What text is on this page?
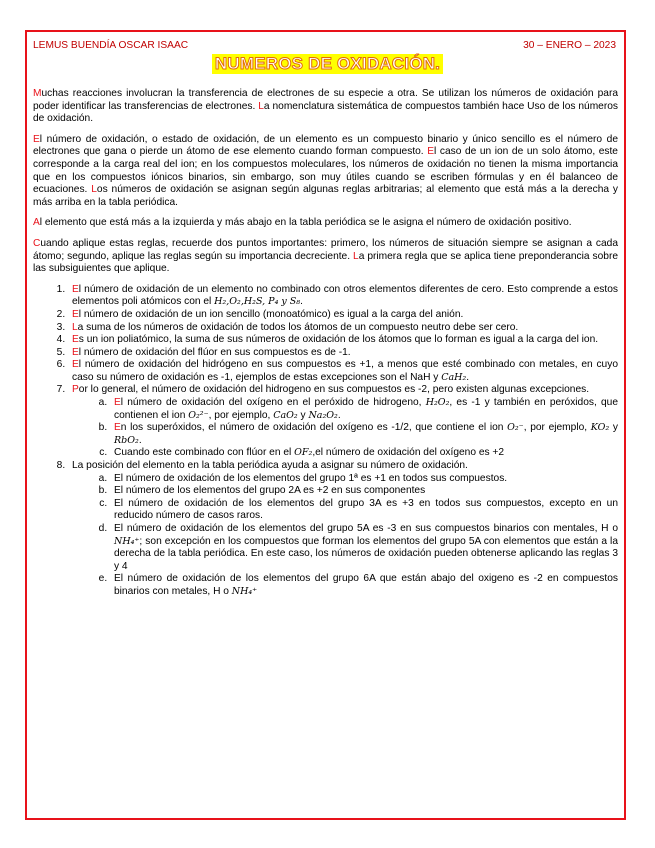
LEMUS BUENDÍA OSCAR ISAAC	30 – ENERO – 2023
NUMEROS DE OXIDACIÓN.

Muchas reacciones involucran la transferencia de electrones de su especie a otra. Se utilizan los números de oxidación para poder identificar las transferencias de electrones. La nomenclatura sistemática de compuestos también hace Uso de los números de oxidación.

El número de oxidación, o estado de oxidación, de un elemento es un compuesto binario y único sencillo es el número de electrones que gana o pierde un átomo de ese elemento cuando forman compuesto. El caso de un ion de un solo átomo, este corresponde a la carga real del ion; en los compuestos moleculares, los números de oxidación no tienen la misma importancia que en los compuestos iónicos binarios, sin embargo, son muy útiles cuando se escriben fórmulas y en él balanceo de ecuaciones. Los números de oxidación se asignan según algunas reglas arbitrarias; al elemento que está más a la derecha y más arriba en la tabla periódica.

Al elemento que está más a la izquierda y más abajo en la tabla periódica se le asigna el número de oxidación positivo.

Cuando aplique estas reglas, recuerde dos puntos importantes: primero, los números de situación siempre se asignan a cada átomo; segundo, aplique las reglas según su importancia decreciente. La primera regla que se aplica tiene preponderancia sobre las subsiguientes que aplique.

1. El número de oxidación de un elemento no combinado con otros elementos diferentes de cero. Esto comprende a estos elementos poli atómicos con el H₂,O₂,H₂S, P₄ y S₈.
2. El número de oxidación de un ion sencillo (monoatómico) es igual a la carga del anión.
3. La suma de los números de oxidación de todos los átomos de un compuesto neutro debe ser cero.
4. Es un ion poliatómico, la suma de sus números de oxidación de los átomos que lo forman es igual a la carga del ion.
5. El número de oxidación del flúor en sus compuestos es de -1.
6. El número de oxidación del hidrógeno en sus compuestos es +1, a menos que esté combinado con metales, en cuyo caso su número de oxidación es -1, ejemplos de estas excepciones son el NaH y CaH₂.
7. Por lo general, el número de oxidación del hidrogeno en sus compuestos es -2, pero existen algunas excepciones.
a. El número de oxidación del oxígeno en el peróxido de hidrogeno, H₂O₂, es -1 y también en peróxidos, que contienen el ion O₂²⁻, por ejemplo, CaO₂ y Na₂O₂.
b. En los superóxidos, el número de oxidación del oxígeno es -1/2, que contiene el ion O₂⁻, por ejemplo, KO₂ y RbO₂.
c. Cuando este combinado con flúor en el OF₂,el número de oxidación del oxígeno es +2
8. La posición del elemento en la tabla periódica ayuda a asignar su número de oxidación.
a. El número de oxidación de los elementos del grupo 1ª es +1 en todos sus compuestos.
b. El número de los elementos del grupo 2A es +2 en sus componentes
c. El número de oxidación de los elementos del grupo 3A es +3 en todos sus compuestos, excepto en un reducido número de casos raros.
d. El número de oxidación de los elementos del grupo 5A es -3 en sus compuestos binarios con mentales, H o NH₄⁺; son excepción en los compuestos que forman los elementos del grupo 5A con elementos que están a la derecha de la tabla periódica. En este caso, los números de oxidación pueden obtenerse aplicando las reglas 3 y 4
e. El número de oxidación de los elementos del grupo 6A que están abajo del oxigeno es -2 en compuestos binarios con metales, H o NH₄⁺
